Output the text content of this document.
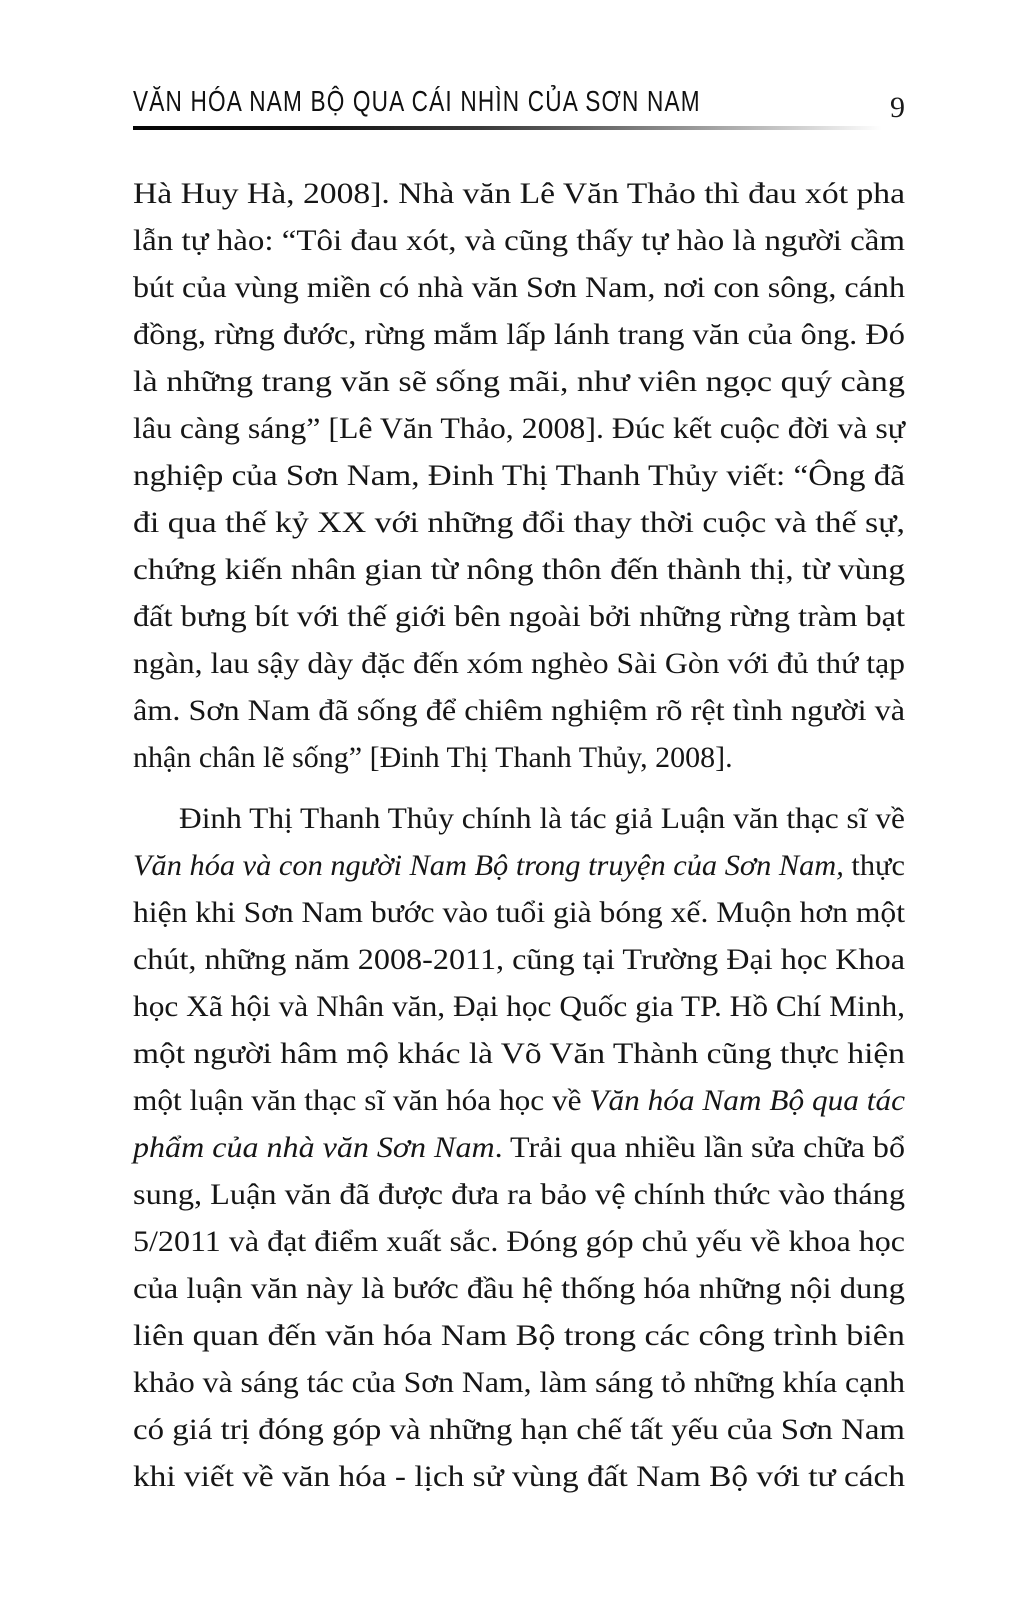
VĂN HÓA NAM BỘ QUA CÁI NHÌN CỦA SƠN NAM	9
Hà Huy Hà, 2008]. Nhà văn Lê Văn Thảo thì đau xót pha
lẫn tự hào: “Tôi đau xót, và cũng thấy tự hào là người cầm
bút của vùng miền có nhà văn Sơn Nam, nơi con sông, cánh
đồng, rừng đước, rừng mắm lấp lánh trang văn của ông. Đó
là những trang văn sẽ sống mãi, như viên ngọc quý càng
lâu càng sáng” [Lê Văn Thảo, 2008]. Đúc kết cuộc đời và sự
nghiệp của Sơn Nam, Đinh Thị Thanh Thủy viết: “Ông đã
đi qua thế kỷ XX với những đổi thay thời cuộc và thế sự,
chứng kiến nhân gian từ nông thôn đến thành thị, từ vùng
đất bưng bít với thế giới bên ngoài bởi những rừng tràm bạt
ngàn, lau sậy dày đặc đến xóm nghèo Sài Gòn với đủ thứ tạp
âm. Sơn Nam đã sống để chiêm nghiệm rõ rệt tình người và
nhận chân lẽ sống” [Đinh Thị Thanh Thủy, 2008].
Đinh Thị Thanh Thủy chính là tác giả Luận văn thạc sĩ về
Văn hóa và con người Nam Bộ trong truyện của Sơn Nam, thực
hiện khi Sơn Nam bước vào tuổi già bóng xế. Muộn hơn một
chút, những năm 2008-2011, cũng tại Trường Đại học Khoa
học Xã hội và Nhân văn, Đại học Quốc gia TP. Hồ Chí Minh,
một người hâm mộ khác là Võ Văn Thành cũng thực hiện
một luận văn thạc sĩ văn hóa học về Văn hóa Nam Bộ qua tác
phẩm của nhà văn Sơn Nam. Trải qua nhiều lần sửa chữa bổ
sung, Luận văn đã được đưa ra bảo vệ chính thức vào tháng
5/2011 và đạt điểm xuất sắc. Đóng góp chủ yếu về khoa học
của luận văn này là bước đầu hệ thống hóa những nội dung
liên quan đến văn hóa Nam Bộ trong các công trình biên
khảo và sáng tác của Sơn Nam, làm sáng tỏ những khía cạnh
có giá trị đóng góp và những hạn chế tất yếu của Sơn Nam
khi viết về văn hóa - lịch sử vùng đất Nam Bộ với tư cách
